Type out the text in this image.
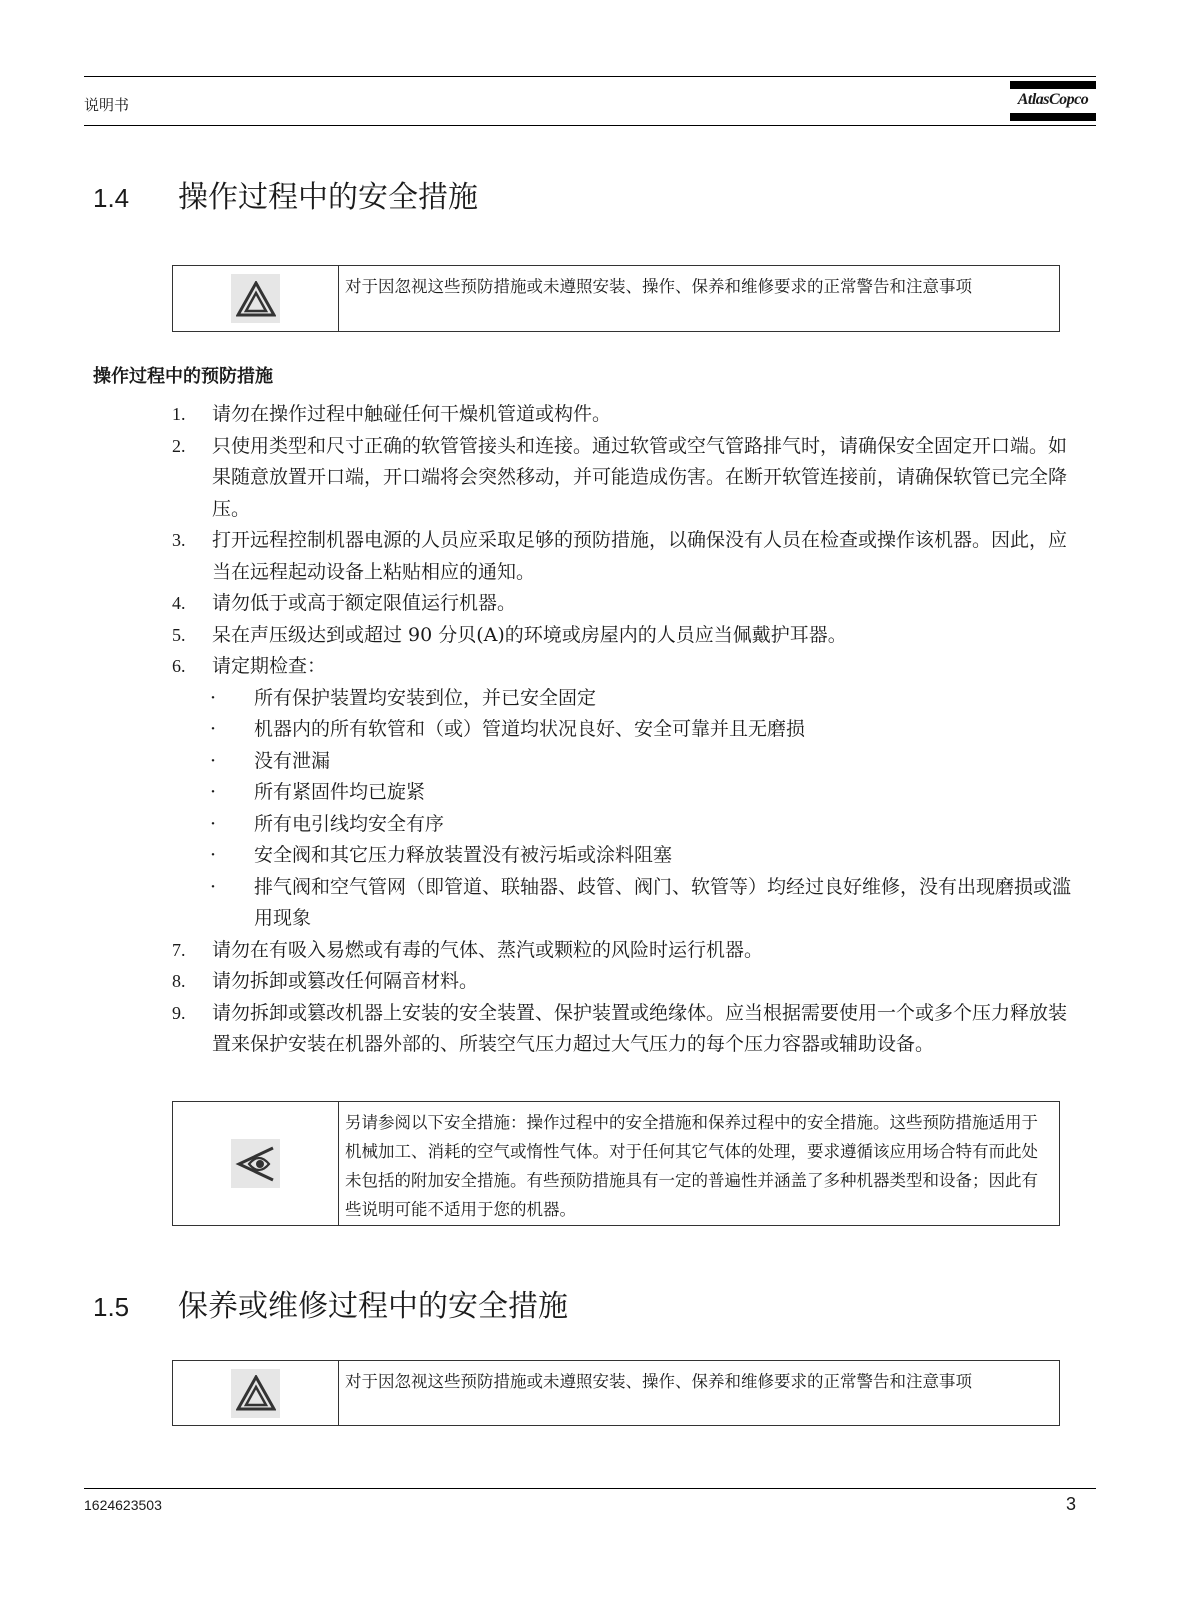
说明书	AtlasCopco
1.4 操作过程中的安全措施
对于因忽视这些预防措施或未遵照安装、操作、保养和维修要求的正常警告和注意事项
操作过程中的预防措施
1.	请勿在操作过程中触碰任何干燥机管道或构件。
2.	只使用类型和尺寸正确的软管管接头和连接。通过软管或空气管路排气时，请确保安全固定开口端。如果随意放置开口端，开口端将会突然移动，并可能造成伤害。在断开软管连接前，请确保软管已完全降压。
3.	打开远程控制机器电源的人员应采取足够的预防措施，以确保没有人员在检查或操作该机器。因此，应当在远程起动设备上粘贴相应的通知。
4.	请勿低于或高于额定限值运行机器。
5.	呆在声压级达到或超过 90 分贝(A)的环境或房屋内的人员应当佩戴护耳器。
6.	请定期检查：
·	所有保护装置均安装到位，并已安全固定
·	机器内的所有软管和（或）管道均状况良好、安全可靠并且无磨损
·	没有泄漏
·	所有紧固件均已旋紧
·	所有电引线均安全有序
·	安全阀和其它压力释放装置没有被污垢或涂料阻塞
·	排气阀和空气管网（即管道、联轴器、歧管、阀门、软管等）均经过良好维修，没有出现磨损或滥用现象
7.	请勿在有吸入易燃或有毒的气体、蒸汽或颗粒的风险时运行机器。
8.	请勿拆卸或篡改任何隔音材料。
9.	请勿拆卸或篡改机器上安装的安全装置、保护装置或绝缘体。应当根据需要使用一个或多个压力释放装置来保护安装在机器外部的、所装空气压力超过大气压力的每个压力容器或辅助设备。
另请参阅以下安全措施：操作过程中的安全措施和保养过程中的安全措施。这些预防措施适用于机械加工、消耗的空气或惰性气体。对于任何其它气体的处理，要求遵循该应用场合特有而此处未包括的附加安全措施。有些预防措施具有一定的普遍性并涵盖了多种机器类型和设备；因此有些说明可能不适用于您的机器。
1.5 保养或维修过程中的安全措施
对于因忽视这些预防措施或未遵照安装、操作、保养和维修要求的正常警告和注意事项
1624623503	3
